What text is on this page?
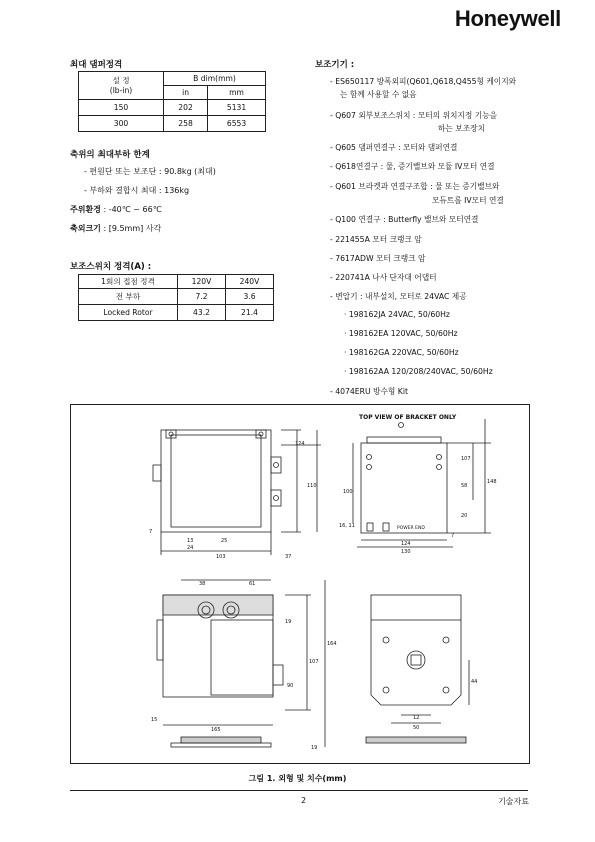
Honeywell
최대 댐퍼정격
설 정
(lb-in)	B dim(mm)	
	in	mm
150	202	5131
300	258	6553
축위의 최대부하 한계
- 편원단 또는 보조단 : 90.8kg (최대)
- 부하와 결합시 최대 : 136kg
주위환경 : -40℃ ~ 66℃
축외크기 : [9.5mm] 사각
보조스위치 정격(A) :
1회의 접점 정격	120V	240V
전 부하	7.2	3.6
Locked Rotor	43.2	21.4
보조기기 :
- ES650117 방폭외피(Q601,Q618,Q455형 케이지와
는 함께 사용할 수 없음
- Q607 외부보조스위치 : 모터의 위치지정 기능을
하는 보조장치
- Q605 댐퍼연결구 : 모터와 댐퍼연결
- Q618연결구 : 물, 증기밸브와 모듈 IV모터 연결
- Q601 브라켓과 연결구조합 : 물 또는 증기밸브와
모듀트롤 IV모터 연결
- Q100 연결구 : Butterfly 밸브와 모터연결
- 221455A 모터 크랭크 암
- 7617ADW 모터 크랭크 암
- 220741A 나사 단자대 어댑터
- 변압기 : 내부설치, 모터로 24VAC 제공
· 198162JA 24VAC, 50/60Hz
· 198162EA 120VAC, 50/60Hz
· 198162GA 220VAC, 50/60Hz
· 198162AA 120/208/240VAC, 50/60Hz
- 4074ERU 방수형 Kit
124
110
7
13	25
24
103	37
107
148
58
20
100
16, 11
7
124
130
38	61
19
164
107
90
15
165
19
44
12
50
TOP VIEW OF BRACKET ONLY
POWER END
그림 1. 외형 및 치수(mm)
2	기술자료
